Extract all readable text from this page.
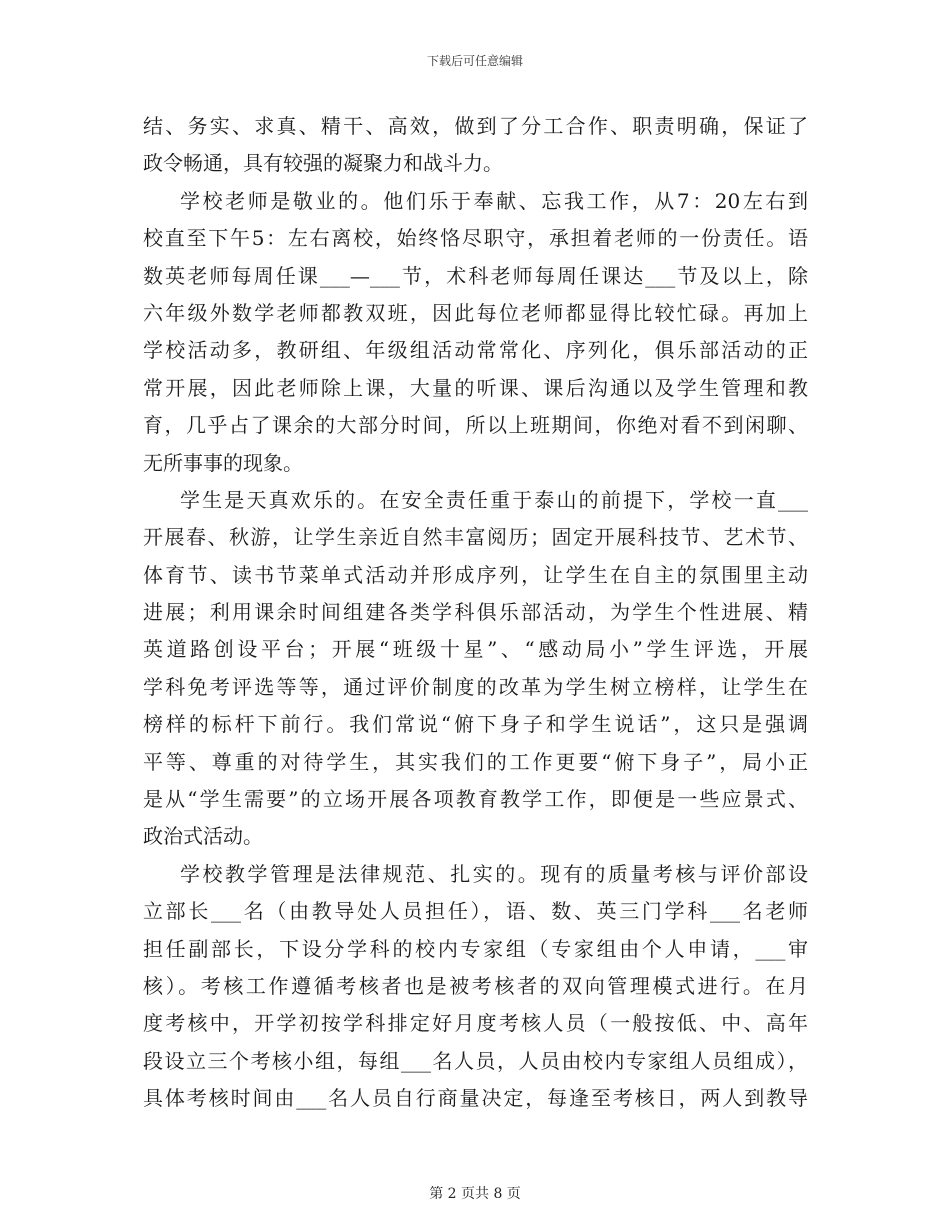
下载后可任意编辑
结、务实、求真、精干、高效，做到了分工合作、职责明确，保证了
政令畅通，具有较强的凝聚力和战斗力。
学校老师是敬业的。他们乐于奉献、忘我工作，从7：20左右到
校直至下午5：左右离校，始终恪尽职守，承担着老师的一份责任。语
数英老师每周任课___—___节，术科老师每周任课达___节及以上，除
六年级外数学老师都教双班，因此每位老师都显得比较忙碌。再加上
学校活动多，教研组、年级组活动常常化、序列化，俱乐部活动的正
常开展，因此老师除上课，大量的听课、课后沟通以及学生管理和教
育，几乎占了课余的大部分时间，所以上班期间，你绝对看不到闲聊、
无所事事的现象。
学生是天真欢乐的。在安全责任重于泰山的前提下，学校一直___
开展春、秋游，让学生亲近自然丰富阅历；固定开展科技节、艺术节、
体育节、读书节菜单式活动并形成序列，让学生在自主的氛围里主动
进展；利用课余时间组建各类学科俱乐部活动，为学生个性进展、精
英道路创设平台；开展“班级十星”、“感动局小”学生评选，开展
学科免考评选等等，通过评价制度的改革为学生树立榜样，让学生在
榜样的标杆下前行。我们常说“俯下身子和学生说话”，这只是强调
平等、尊重的对待学生，其实我们的工作更要“俯下身子”，局小正
是从“学生需要”的立场开展各项教育教学工作，即便是一些应景式、
政治式活动。
学校教学管理是法律规范、扎实的。现有的质量考核与评价部设
立部长___名（由教导处人员担任），语、数、英三门学科___名老师
担任副部长，下设分学科的校内专家组（专家组由个人申请，___审
核）。考核工作遵循考核者也是被考核者的双向管理模式进行。在月
度考核中，开学初按学科排定好月度考核人员（一般按低、中、高年
段设立三个考核小组，每组___名人员，人员由校内专家组人员组成），
具体考核时间由___名人员自行商量决定，每逢至考核日，两人到教导
第 2 页共 8 页
